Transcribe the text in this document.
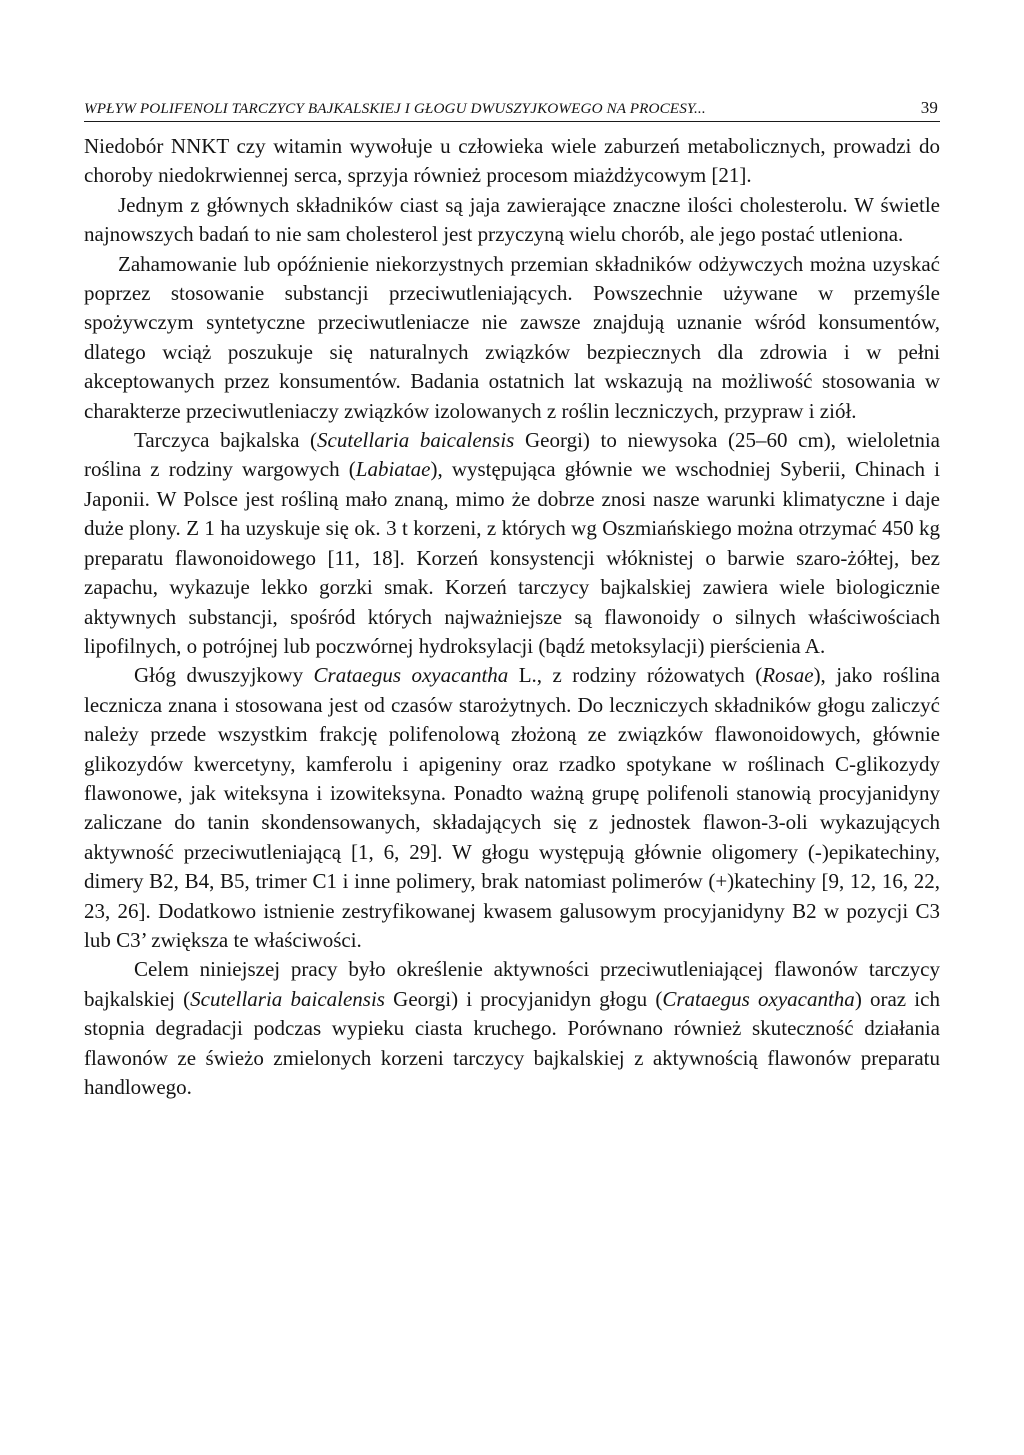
WPŁYW POLIFENOLI TARCZYCY BAJKALSKIEJ I GŁOGU DWUSZYJKOWEGO NA PROCESY...	39

Niedobór NNKT czy witamin wywołuje u człowieka wiele zaburzeń metabolicznych, prowadzi do choroby niedokrwiennej serca, sprzyja również procesom miażdżycowym [21].

Jednym z głównych składników ciast są jaja zawierające znaczne ilości cholesterolu. W świetle najnowszych badań to nie sam cholesterol jest przyczyną wielu chorób, ale jego postać utleniona.

Zahamowanie lub opóźnienie niekorzystnych przemian składników odżywczych można uzyskać poprzez stosowanie substancji przeciwutleniających. Powszechnie używane w przemyśle spożywczym syntetyczne przeciwutleniacze nie zawsze znajdują uznanie wśród konsumentów, dlatego wciąż poszukuje się naturalnych związków bezpiecznych dla zdrowia i w pełni akceptowanych przez konsumentów. Badania ostatnich lat wskazują na możliwość stosowania w charakterze przeciwutleniaczy związków izolowanych z roślin leczniczych, przypraw i ziół.

Tarczyca bajkalska (Scutellaria baicalensis Georgi) to niewysoka (25–60 cm), wieloletnia roślina z rodziny wargowych (Labiatae), występująca głównie we wschodniej Syberii, Chinach i Japonii. W Polsce jest rośliną mało znaną, mimo że dobrze znosi nasze warunki klimatyczne i daje duże plony. Z 1 ha uzyskuje się ok. 3 t korzeni, z których wg Oszmiańskiego można otrzymać 450 kg preparatu flawonoidowego [11, 18]. Korzeń konsystencji włóknistej o barwie szaro-żółtej, bez zapachu, wykazuje lekko gorzki smak. Korzeń tarczycy bajkalskiej zawiera wiele biologicznie aktywnych substancji, spośród których najważniejsze są flawonoidy o silnych właściwościach lipofilnych, o potrójnej lub poczwórnej hydroksylacji (bądź metoksylacji) pierścienia A.

Głóg dwuszyjkowy Crataegus oxyacantha L., z rodziny różowatych (Rosae), jako roślina lecznicza znana i stosowana jest od czasów starożytnych. Do leczniczych składników głogu zaliczyć należy przede wszystkim frakcję polifenolową złożoną ze związków flawonoidowych, głównie glikozydów kwercetyny, kamferolu i apigeniny oraz rzadko spotykane w roślinach C-glikozydy flawonowe, jak witeksyna i izowiteksyna. Ponadto ważną grupę polifenoli stanowią procyjanidyny zaliczane do tanin skondensowanych, składających się z jednostek flawon-3-oli wykazujących aktywność przeciwutleniającą [1, 6, 29]. W głogu występują głównie oligomery (-)epikatechiny, dimery B2, B4, B5, trimer C1 i inne polimery, brak natomiast polimerów (+)katechiny [9, 12, 16, 22, 23, 26]. Dodatkowo istnienie zestryfikowanej kwasem galusowym procyjanidyny B2 w pozycji C3 lub C3’ zwiększa te właściwości.

Celem niniejszej pracy było określenie aktywności przeciwutleniającej flawonów tarczycy bajkalskiej (Scutellaria baicalensis Georgi) i procyjanidyn głogu (Crataegus oxyacantha) oraz ich stopnia degradacji podczas wypieku ciasta kruchego. Porównano również skuteczność działania flawonów ze świeżo zmielonych korzeni tarczycy bajkalskiej z aktywnością flawonów preparatu handlowego.
